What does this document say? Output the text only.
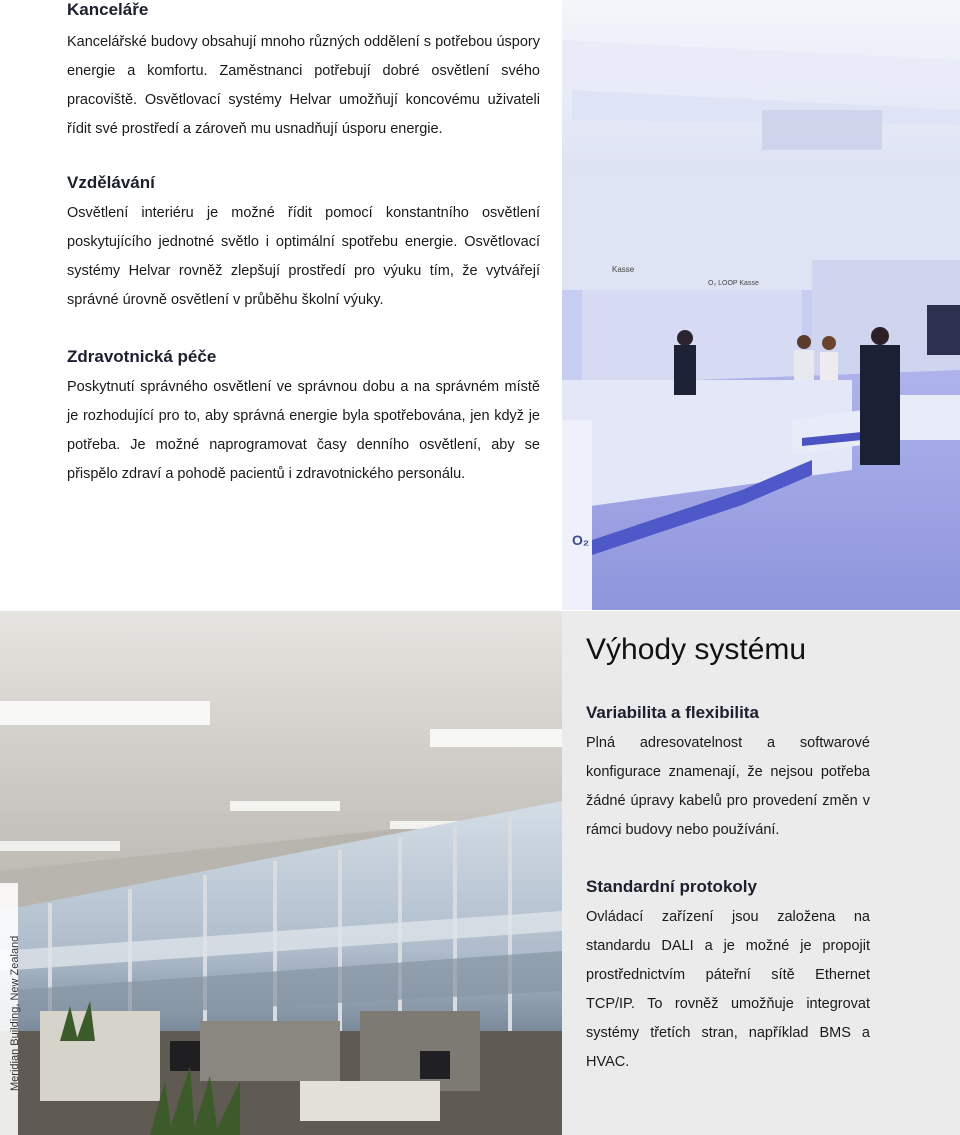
Kanceláře

Kancelářské budovy obsahují mnoho různých oddělení s potřebou úspory energie a komfortu. Zaměstnanci potřebují dobré osvětlení svého pracoviště. Osvětlovací systémy Helvar umožňují koncovému uživateli řídit své prostředí a zároveň mu usnadňují úsporu energie.

Vzdělávání

Osvětlení interiéru je možné řídit pomocí konstantního osvětlení poskytujícího jednotné světlo i optimální spotřebu energie. Osvětlovací systémy Helvar rovněž zlepšují prostředí pro výuku tím, že vytvářejí správné úrovně osvětlení v průběhu školní výuky.

Zdravotnická péče

Poskytnutí správného osvětlení ve správnou dobu a na správném místě je rozhodující pro to, aby správná energie byla spotřebována, jen když je potřeba. Je možné naprogramovat časy denního osvětlení, aby se přispělo zdraví a pohodě pacientů i zdravotnického personálu.

Kasse
O₂ LOOP Kasse
O₂
Meridian Building, New Zealand
Výhody systému
Variabilita a flexibilita

Plná adresovatelnost a softwarové konfigurace znamenají, že nejsou potřeba žádné úpravy kabelů pro provedení změn v rámci budovy nebo používání.

Standardní protokoly

Ovládací zařízení jsou založena na standardu DALI a je možné je propojit prostřednictvím páteřní sítě Ethernet TCP/IP. To rovněž umožňuje integrovat systémy třetích stran, například BMS a HVAC.
